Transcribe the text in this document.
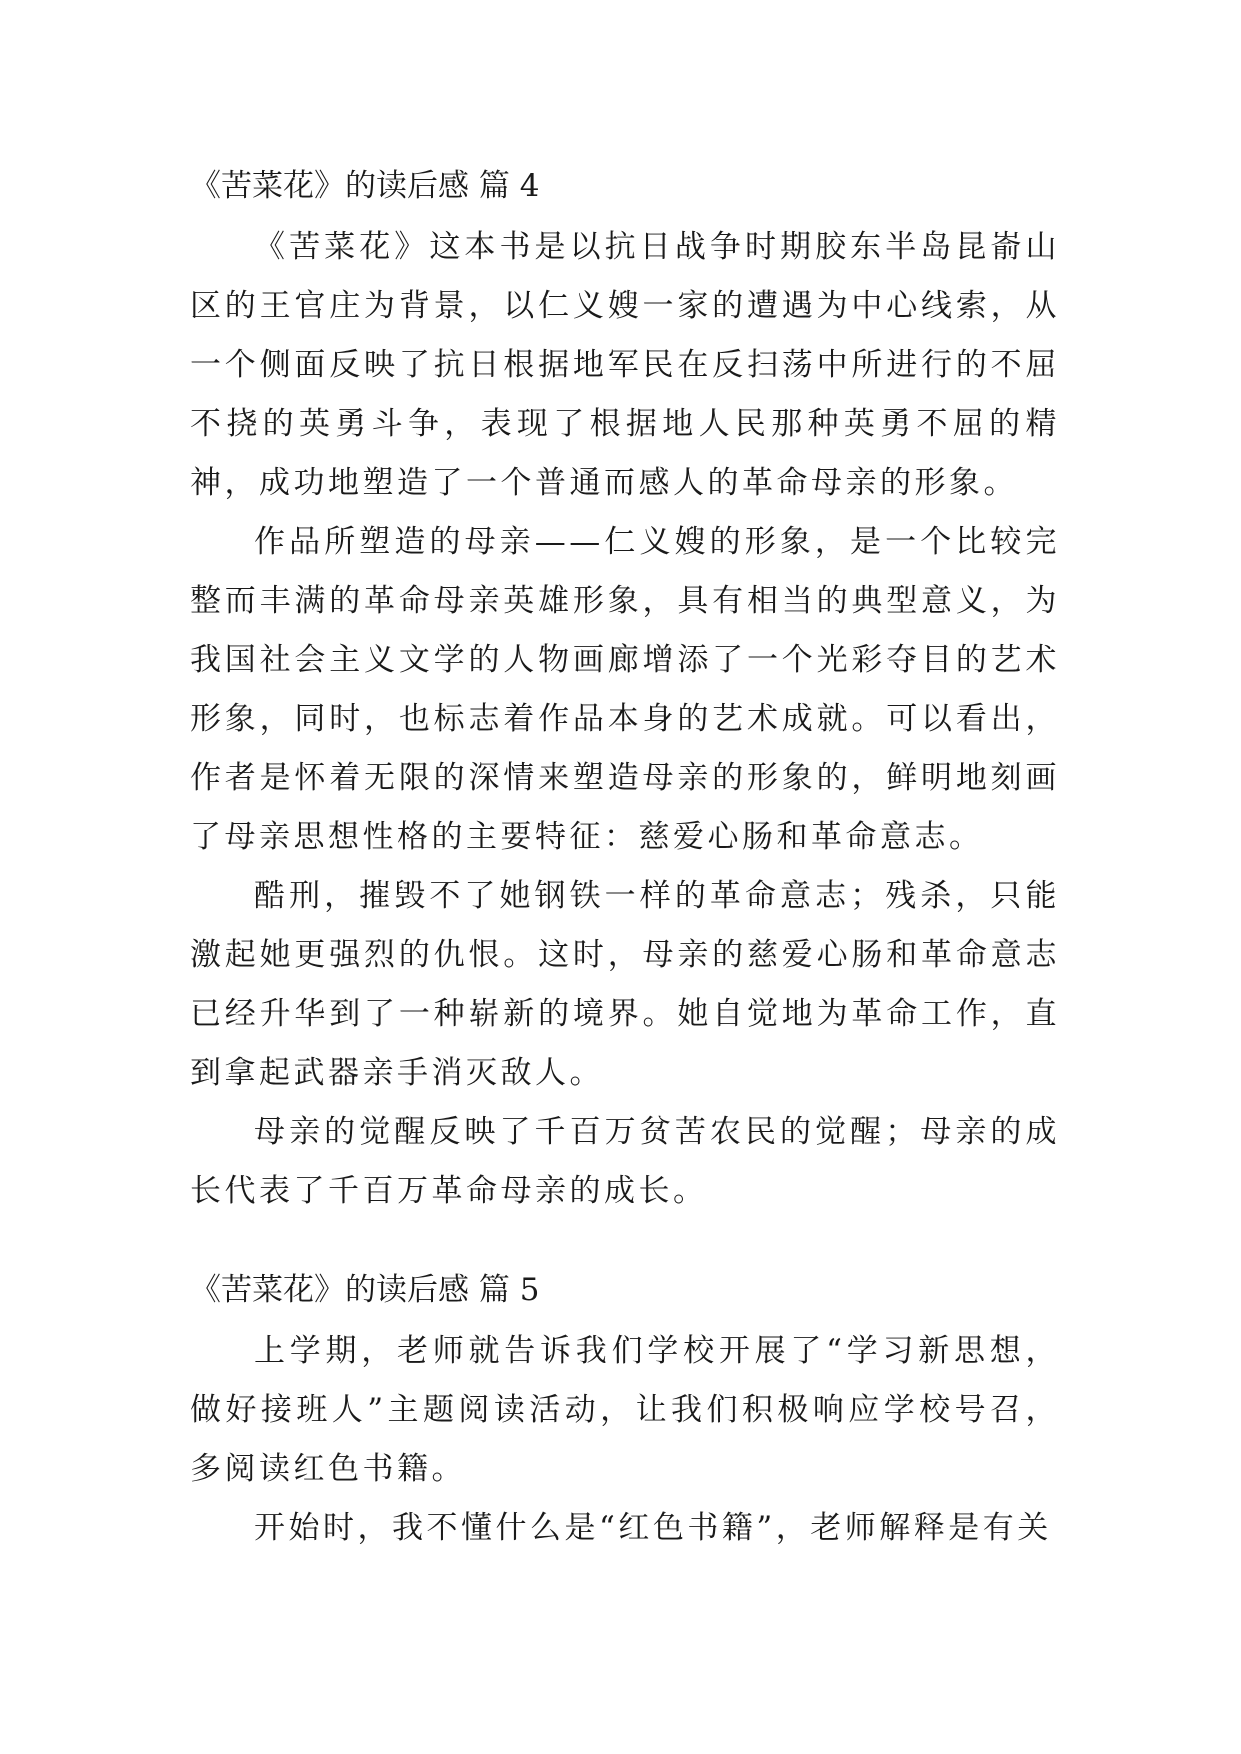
《苦菜花》的读后感 篇 4

《苦菜花》这本书是以抗日战争时期胶东半岛昆嵛山区的王官庄为背景，以仁义嫂一家的遭遇为中心线索，从一个侧面反映了抗日根据地军民在反扫荡中所进行的不屈不挠的英勇斗争，表现了根据地人民那种英勇不屈的精神，成功地塑造了一个普通而感人的革命母亲的形象。

作品所塑造的母亲——仁义嫂的形象，是一个比较完整而丰满的革命母亲英雄形象，具有相当的典型意义，为我国社会主义文学的人物画廊增添了一个光彩夺目的艺术形象，同时，也标志着作品本身的艺术成就。可以看出，作者是怀着无限的深情来塑造母亲的形象的，鲜明地刻画了母亲思想性格的主要特征：慈爱心肠和革命意志。

酷刑，摧毁不了她钢铁一样的革命意志；残杀，只能激起她更强烈的仇恨。这时，母亲的慈爱心肠和革命意志已经升华到了一种崭新的境界。她自觉地为革命工作，直到拿起武器亲手消灭敌人。

母亲的觉醒反映了千百万贫苦农民的觉醒；母亲的成长代表了千百万革命母亲的成长。

《苦菜花》的读后感 篇 5

上学期，老师就告诉我们学校开展了“学习新思想，做好接班人”主题阅读活动，让我们积极响应学校号召，多阅读红色书籍。

开始时，我不懂什么是“红色书籍”，老师解释是有关
